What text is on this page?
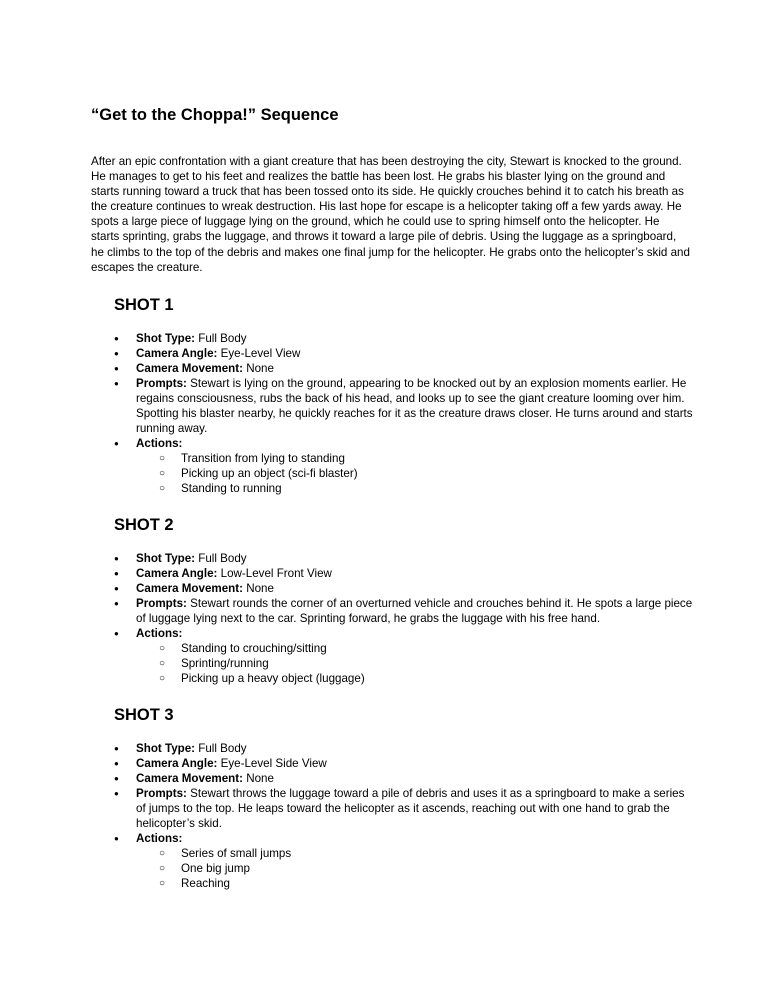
“Get to the Choppa!” Sequence

After an epic confrontation with a giant creature that has been destroying the city, Stewart is knocked to the ground. He manages to get to his feet and realizes the battle has been lost. He grabs his blaster lying on the ground and starts running toward a truck that has been tossed onto its side. He quickly crouches behind it to catch his breath as the creature continues to wreak destruction. His last hope for escape is a helicopter taking off a few yards away. He spots a large piece of luggage lying on the ground, which he could use to spring himself onto the helicopter. He starts sprinting, grabs the luggage, and throws it toward a large pile of debris. Using the luggage as a springboard, he climbs to the top of the debris and makes one final jump for the helicopter. He grabs onto the helicopter’s skid and escapes the creature.

SHOT 1
● Shot Type: Full Body
● Camera Angle: Eye-Level View
● Camera Movement: None
● Prompts: Stewart is lying on the ground, appearing to be knocked out by an explosion moments earlier. He regains consciousness, rubs the back of his head, and looks up to see the giant creature looming over him. Spotting his blaster nearby, he quickly reaches for it as the creature draws closer. He turns around and starts running away.
● Actions:
○ Transition from lying to standing
○ Picking up an object (sci-fi blaster)
○ Standing to running
SHOT 2
● Shot Type: Full Body
● Camera Angle: Low-Level Front View
● Camera Movement: None
● Prompts: Stewart rounds the corner of an overturned vehicle and crouches behind it. He spots a large piece of luggage lying next to the car. Sprinting forward, he grabs the luggage with his free hand.
● Actions:
○ Standing to crouching/sitting
○ Sprinting/running
○ Picking up a heavy object (luggage)
SHOT 3
● Shot Type: Full Body
● Camera Angle: Eye-Level Side View
● Camera Movement: None
● Prompts: Stewart throws the luggage toward a pile of debris and uses it as a springboard to make a series of jumps to the top. He leaps toward the helicopter as it ascends, reaching out with one hand to grab the helicopter’s skid.
● Actions:
○ Series of small jumps
○ One big jump
○ Reaching
